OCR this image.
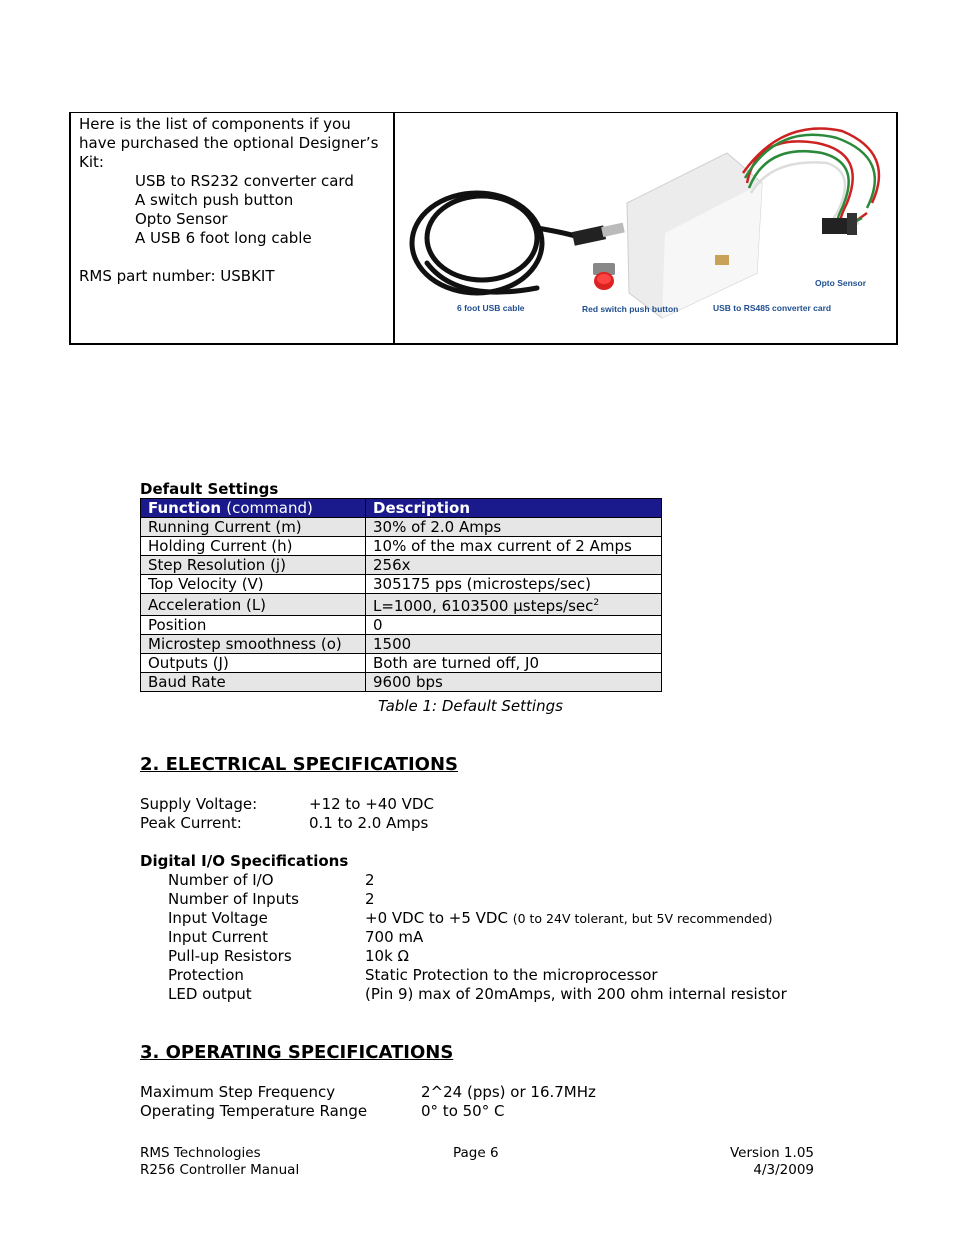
Here is the list of components if you have purchased the optional Designer’s Kit:
USB to RS232 converter card
A switch push button
Opto Sensor
A USB 6 foot long cable
RMS part number: USBKIT
6 foot USB cable	Red switch push button	USB to RS485 converter card
Opto Sensor
Default Settings
Function (command)	Description
Running Current (m)	30% of 2.0 Amps
Holding Current (h)	10% of the max current of 2 Amps
Step Resolution (j)	256x
Top Velocity (V)	305175 pps (microsteps/sec)
Acceleration (L)	L=1000, 6103500 µsteps/$\sec^2$
Position	0
Microstep smoothness (o)	1500
Outputs (J)	Both are turned off, J0
Baud Rate	9600 bps
Table 1: Default Settings
2. ELECTRICAL SPECIFICATIONS
Supply Voltage:	+12 to +40 VDC
Peak Current:	0.1 to 2.0 Amps
Digital I/O Specifications
Number of I/O	2
Number of Inputs	2
Input Voltage	+0 VDC to +5 VDC (0 to 24V tolerant, but 5V recommended)
Input Current	700 mA
Pull-up Resistors	10k Ω
Protection	Static Protection to the microprocessor
LED output	(Pin 9) max of 20mAmps, with 200 ohm internal resistor
3. OPERATING SPECIFICATIONS
Maximum Step Frequency	2^24 (pps) or 16.7MHz
Operating Temperature Range	0° to 50° C
RMS Technologies
R256 Controller Manual
Page 6	Version 1.05
4/3/2009
